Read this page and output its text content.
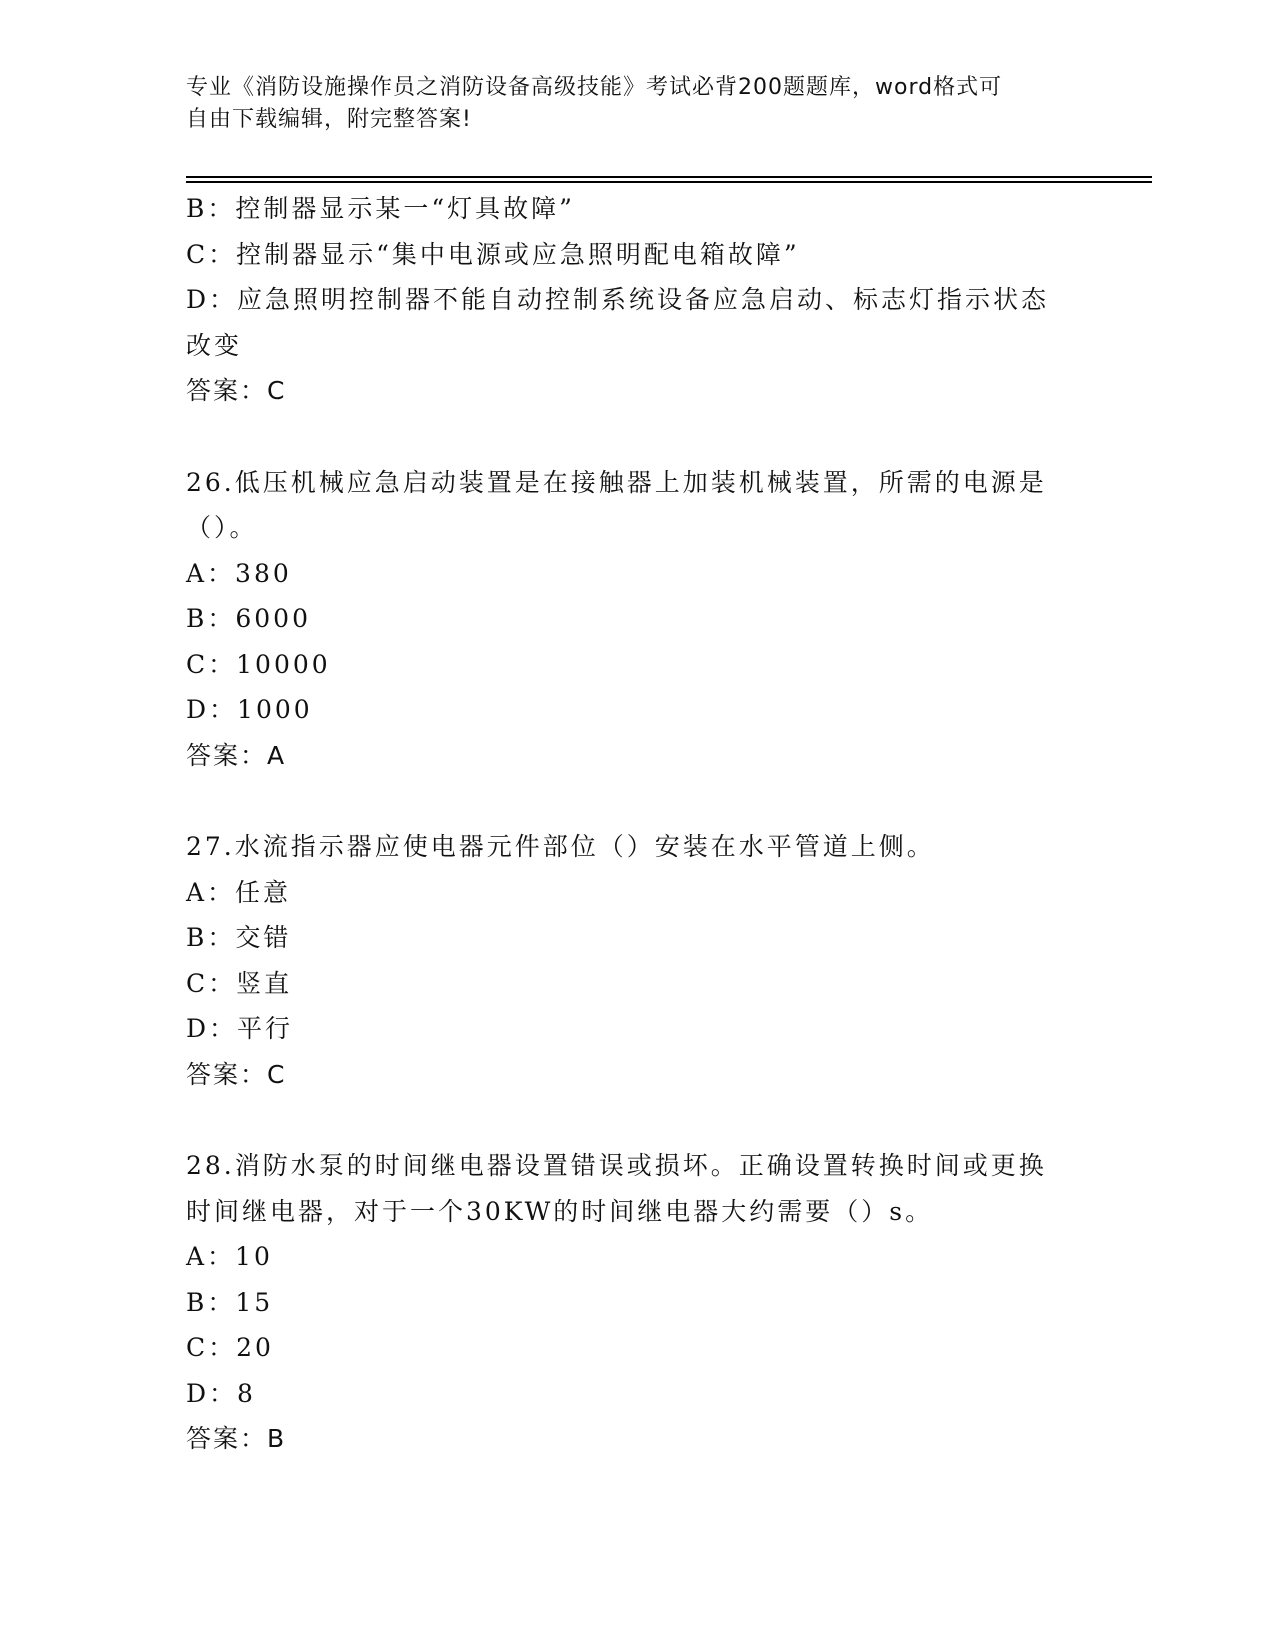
专业《消防设施操作员之消防设备高级技能》考试必背200题题库，word格式可
自由下载编辑，附完整答案!
B：控制器显示某一“灯具故障”
C：控制器显示“集中电源或应急照明配电箱故障”
D：应急照明控制器不能自动控制系统设备应急启动、标志灯指示状态
改变
答案：C
26.低压机械应急启动装置是在接触器上加装机械装置，所需的电源是
（）。
A：380
B：6000
C：10000
D：1000
答案：A
27.水流指示器应使电器元件部位（）安装在水平管道上侧。
A：任意
B：交错
C：竖直
D：平行
答案：C
28.消防水泵的时间继电器设置错误或损坏。正确设置转换时间或更换
时间继电器，对于一个30KW的时间继电器大约需要（）s。
A：10
B：15
C：20
D：8
答案：B
